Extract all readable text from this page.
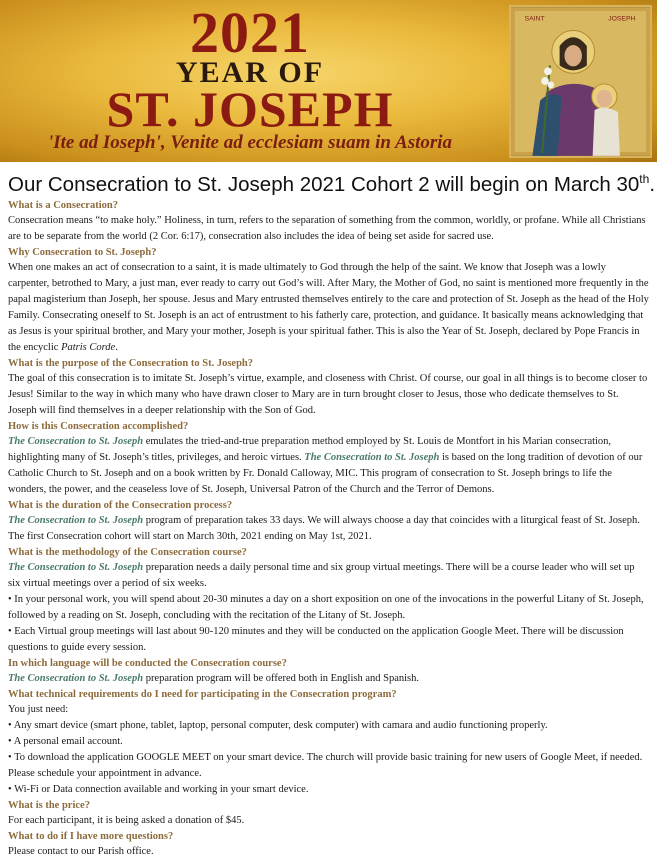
2021
YEAR OF
ST. JOSEPH
'Ite ad Ioseph', Venite ad ecclesiam suam in Astoria
SAINT	JOSEPH
Our Consecration to St. Joseph 2021 Cohort 2 will begin on March 30th.

What is a Consecration?

Consecration means “to make holy.” Holiness, in turn, refers to the separation of something from the common, worldly, or profane. While all Christians are to be separate from the world (2 Cor. 6:17), consecration also includes the idea of being set aside for sacred use.

Why Consecration to St. Joseph?

When one makes an act of consecration to a saint, it is made ultimately to God through the help of the saint. We know that Joseph was a lowly carpenter, betrothed to Mary, a just man, ever ready to carry out God’s will. After Mary, the Mother of God, no saint is mentioned more frequently in the papal magisterium than Joseph, her spouse. Jesus and Mary entrusted themselves entirely to the care and protection of St. Joseph as the head of the Holy Family. Consecrating oneself to St. Joseph is an act of entrustment to his fatherly care, protection, and guidance. It basically means acknowledging that as Jesus is your spiritual brother, and Mary your mother, Joseph is your spiritual father. This is also the Year of St. Joseph, declared by Pope Francis in the encyclic Patris Corde.

What is the purpose of the Consecration to St. Joseph?

The goal of this consecration is to imitate St. Joseph’s virtue, example, and closeness with Christ. Of course, our goal in all things is to become closer to Jesus! Similar to the way in which many who have drawn closer to Mary are in turn brought closer to Jesus, those who dedicate themselves to St. Joseph will find themselves in a deeper relationship with the Son of God.

How is this Consecration accomplished?

The Consecration to St. Joseph emulates the tried-and-true preparation method employed by St. Louis de Montfort in his Marian consecration, highlighting many of St. Joseph’s titles, privileges, and heroic virtues. The Consecration to St. Joseph is based on the long tradition of devotion of our Catholic Church to St. Joseph and on a book written by Fr. Donald Calloway, MIC. This program of consecration to St. Joseph brings to life the wonders, the power, and the ceaseless love of St. Joseph, Universal Patron of the Church and the Terror of Demons.

What is the duration of the Consecration process?

The Consecration to St. Joseph program of preparation takes 33 days. We will always choose a day that coincides with a liturgical feast of St. Joseph. The first Consecration cohort will start on March 30th, 2021 ending on May 1st, 2021.

What is the methodology of the Consecration course?

The Consecration to St. Joseph preparation needs a daily personal time and six group virtual meetings. There will be a course leader who will set up six virtual meetings over a period of six weeks.

• In your personal work, you will spend about 20-30 minutes a day on a short exposition on one of the invocations in the powerful Litany of St. Joseph, followed by a reading on St. Joseph, concluding with the recitation of the Litany of St. Joseph.

• Each Virtual group meetings will last about 90-120 minutes and they will be conducted on the application Google Meet. There will be discussion questions to guide every session.

In which language will be conducted the Consecration course?

The Consecration to St. Joseph preparation program will be offered both in English and Spanish.

What technical requirements do I need for participating in the Consecration program?

You just need:

• Any smart device (smart phone, tablet, laptop, personal computer, desk computer) with camara and audio functioning properly.

• A personal email account.

• To download the application GOOGLE MEET on your smart device. The church will provide basic training for new users of Google Meet, if needed. Please schedule your appointment in advance.

• Wi-Fi or Data connection available and working in your smart device.

What is the price?

For each participant, it is being asked a donation of $45.

What to do if I have more questions?

Please contact to our Parish office.
